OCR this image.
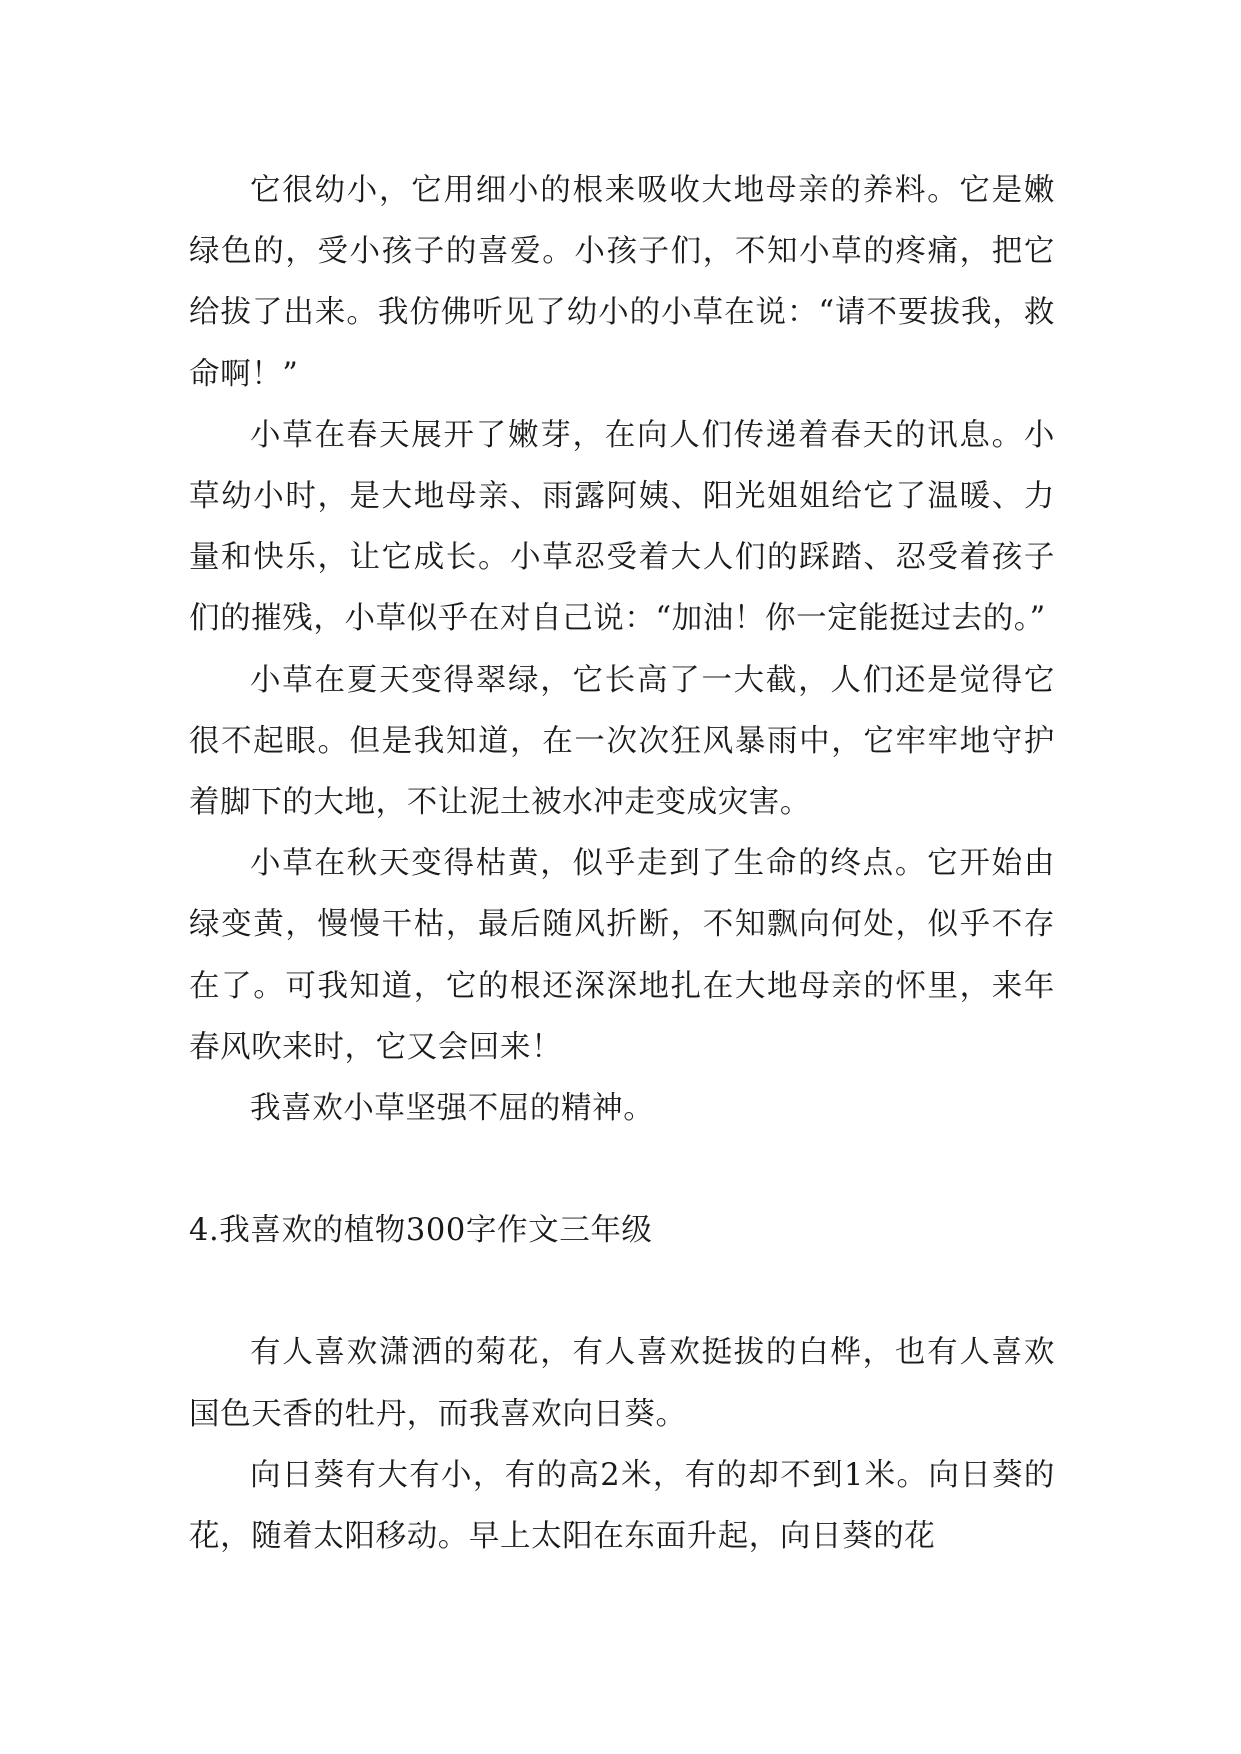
它很幼小，它用细小的根来吸收大地母亲的养料。它是嫩绿色的，受小孩子的喜爱。小孩子们，不知小草的疼痛，把它给拔了出来。我仿佛听见了幼小的小草在说：“请不要拔我，救命啊！”

小草在春天展开了嫩芽，在向人们传递着春天的讯息。小草幼小时，是大地母亲、雨露阿姨、阳光姐姐给它了温暖、力量和快乐，让它成长。小草忍受着大人们的踩踏、忍受着孩子们的摧残，小草似乎在对自己说：“加油！你一定能挺过去的。”

小草在夏天变得翠绿，它长高了一大截，人们还是觉得它很不起眼。但是我知道，在一次次狂风暴雨中，它牢牢地守护着脚下的大地，不让泥土被水冲走变成灾害。

小草在秋天变得枯黄，似乎走到了生命的终点。它开始由绿变黄，慢慢干枯，最后随风折断，不知飘向何处，似乎不存在了。可我知道，它的根还深深地扎在大地母亲的怀里，来年春风吹来时，它又会回来！

我喜欢小草坚强不屈的精神。

4.我喜欢的植物300字作文三年级

有人喜欢潇洒的菊花，有人喜欢挺拔的白桦，也有人喜欢国色天香的牡丹，而我喜欢向日葵。

向日葵有大有小，有的高2米，有的却不到1米。向日葵的花，随着太阳移动。早上太阳在东面升起，向日葵的花
